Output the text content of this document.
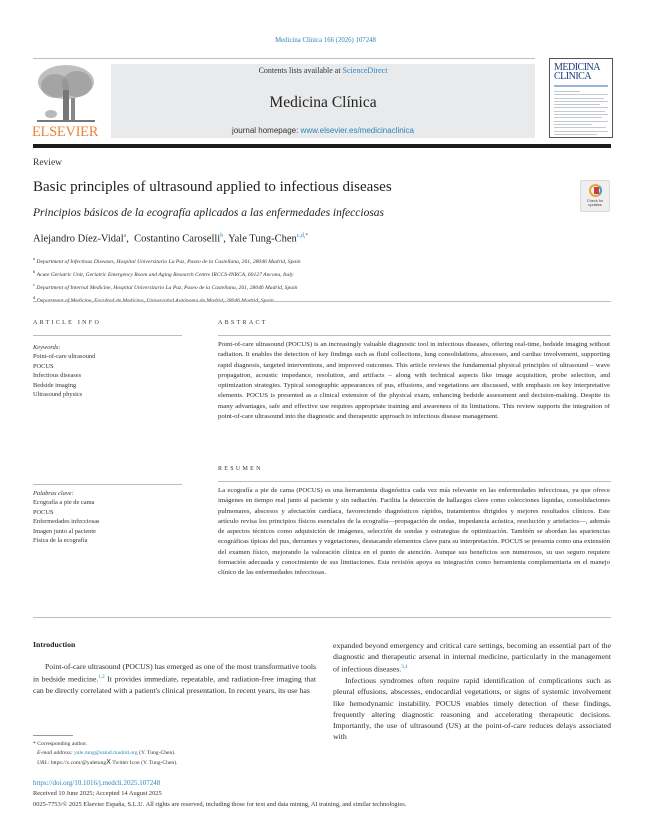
Medicina Clínica 166 (2026) 107248
ELSEVIER
Contents lists available at ScienceDirect
Medicina Clínica
journal homepage: www.elsevier.es/medicinaclinica
MEDICINA
CLINICA
Review
Basic principles of ultrasound applied to infectious diseases
Principios básicos de la ecografía aplicados a las enfermedades infecciosas
Check for updates
Alejandro Díez-Vidal$^a$,  Costantino Caroselli$^b$, Yale Tung-Chen$^{c,d,*}$
$^a$ Department of Infectious Diseases, Hospital Universitario La Paz, Paseo de la Castellana, 261, 28046 Madrid, Spain
$^b$ Acute Geriatric Unit, Geriatric Emergency Room and Aging Research Centre IRCCS-INRCA, 60127 Ancona, Italy
$^c$ Department of Internal Medicine, Hospital Universitario La Paz, Paseo de la Castellana, 261, 28046 Madrid, Spain
$^d$
ARTICLE INFO
Keywords:
Point-of-care ultrasound
POCUS
Infectious diseases
Bedside imaging
Ultrasound physics
ABSTRACT
Point-of-care ultrasound (POCUS) is an increasingly valuable diagnostic tool in infectious diseases, offering real-time, bedside imaging without radiation. It enables the detection of key findings such as fluid collections, lung consolidations, abscesses, and cardiac involvement, supporting rapid diagnosis, targeted interventions, and improved outcomes. This article reviews the fundamental physical principles of ultrasound – wave propagation, acoustic impedance, resolution, and artifacts – along with technical aspects like image acquisition, probe selection, and optimization strategies. Typical sonographic appearances of pus, effusions, and vegetations are discussed, with emphasis on key interpretative elements. POCUS is presented as a clinical extension of the physical exam, enhancing bedside assessment and decision-making. Despite its many advantages, safe and effective use requires appropriate training and awareness of its limitations. This review supports the integration of point-of-care ultrasound into the diagnostic and therapeutic approach to infectious disease management.
Palabras clave:
Ecografía a pie de cama
POCUS
Enfermedades infecciosas
Imagen junto al paciente
Física de la ecografía
RESUMEN
La ecografía a pie de cama (POCUS) es una herramienta diagnóstica cada vez más relevante en las enfermedades infecciosas, ya que ofrece imágenes en tiempo real junto al paciente y sin radiación. Facilita la detección de hallazgos clave como colecciones líquidas, consolidaciones pulmonares, abscesos y afectación cardíaca, favoreciendo diagnósticos rápidos, tratamientos dirigidos y mejores resultados clínicos. Este artículo revisa los principios físicos esenciales de la ecografía—propagación de ondas, impedancia acústica, resolución y artefactos—, además de aspectos técnicos como adquisición de imágenes, selección de sondas y estrategias de optimización. También se abordan las apariencias ecográficas típicas del pus, derrames y vegetaciones, destacando elementos clave para su interpretación. POCUS se presenta como una extensión del examen físico, mejorando la valoración clínica en el punto de atención. Aunque sus beneficios son numerosos, su uso seguro requiere formación adecuada y conocimiento de sus limitaciones. Esta revisión apoya su integración como herramienta complementaria en el manejo clínico de las enfermedades infecciosas.
Introduction
Point-of-care ultrasound (POCUS) has emerged as one of the most transformative tools in bedside medicine.$^{1,2}$ It provides immediate, repeatable, and radiation-free imaging that can be directly correlated with a patient's clinical presentation. In recent years, its use has
expanded beyond emergency and critical care settings, becoming an essential part of the diagnostic and therapeutic arsenal in internal medicine, particularly in the management of infectious diseases.$^{3,4}$
Infectious syndromes often require rapid identification of complications such as pleural effusions, abscesses, endocardial vegetations, or signs of systemic involvement like hemodynamic instability. POCUS enables timely detection of these findings, frequently altering diagnostic reasoning and accelerating therapeutic decisions. Importantly, the use of ultrasound (US) at the point-of-care reduces delays associated with
* Corresponding author.
E-mail address: yale.tung@salud.madrid.org (Y. Tung-Chen).
URL: https://x.com/@yaletungX Twitter Icon (Y. Tung-Chen).
https://doi.org/10.1016/j.medcli.2025.107248
Received 10 June 2025; Accepted 14 August 2025
0025-7753/© 2025 Elsevier España, S.L.U. All rights are reserved, including those for text and data mining, AI training, and similar technologies.
